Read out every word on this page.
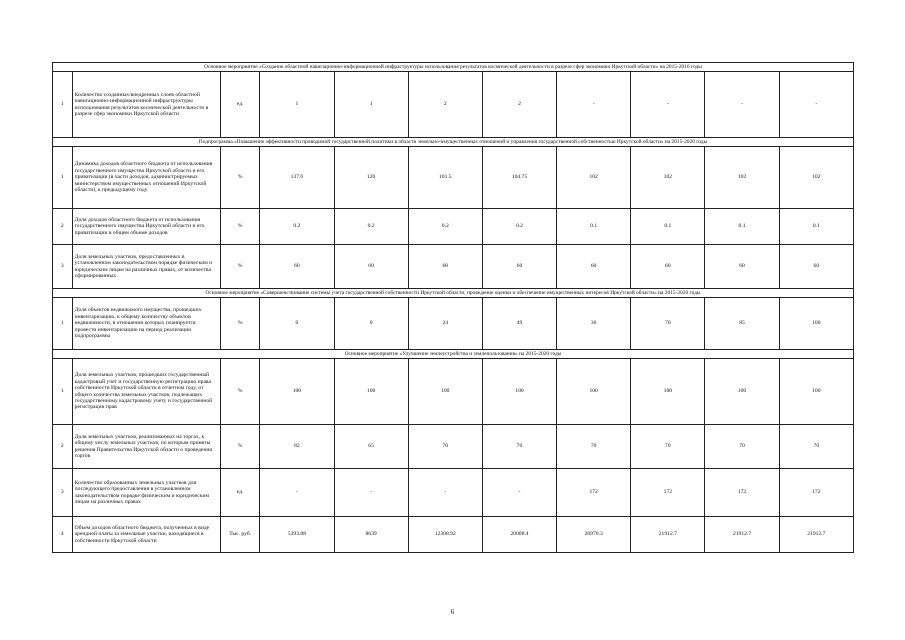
Основное мероприятие «Создание областной навигационно-информационной инфраструктуры использования результатов космической деятельности в разрезе сфер экономики Иркутской области» на 2015-2016 годы										
1	Количество созданных/внедренных слоев областной навигационно-информационной инфраструктуры использования результатов космической деятельности в разрезе сфер экономики Иркутской области	ед.	1	1	2	2	-	-	-	-
Подпрограмма «Повышение эффективности проводимой государственной политики в области земельно-имущественных отношений и управления государственной собственностью Иркутской области» на 2015-2020 годы										
1	Динамика доходов областного бюджета от использования государственного имущества Иркутской области и его приватизации (в части доходов, администрируемых министерством имущественных отношений Иркутской области), к предыдущему году	%	137.6	120	101.5	104.75	102	102	102	102
2	Доля доходов областного бюджета от использования государственного имущества Иркутской области и его приватизации в общем объеме доходов	%	0.2	0.2	0.2	0.2	0.1	0.1	0.1	0.1
3	Доля земельных участков, предоставленных в установленном законодательством порядке физическим и юридическим лицам на различных правах, от количества сформированных	%	60	60	60	60	60	60	60	60
Основное мероприятие «Совершенствование системы учета государственной собственности Иркутской области, проведение оценки и обеспечение имущественных интересов Иркутской области» на 2015-2020 годы										
1	Доля объектов недвижимого имущества, прошедших инвентаризацию, к общему количеству объектов недвижимости, в отношении которых планируется провести инвентаризацию на период реализации подпрограммы	%	0	0	24	49	36	70	85	100
Основное мероприятие «Улучшение землеустройства и землепользования» на 2015-2020 годы										
1	Доля земельных участков, прошедших государственный кадастровый учет и государственную регистрацию права собственности Иркутской области в отчетном году, от общего количества земельных участков, подлежащих государственному кадастровому учету и государственной регистрации прав	%	100	100	100	100	100	100	100	100
2	Доля земельных участков, реализованных на торгах, к общему числу земельных участков, по которым приняты решения Правительства Иркутской области о проведении торгов	%	82	65	70	70	70	70	70	70
3	Количество образованных земельных участков для последующего предоставления в установленном законодательством порядке физическим и юридическим лицам на различных правах	ед.	-	-	-	-	172	172	172	172
4	Объем доходов областного бюджета, полученных в виде арендной платы за земельные участки, находящиеся в собственности Иркутской области	Тыс. руб.	5393.88	8639	12308.92	20008.4	20970.3	21912.7	21912.7	21912.7
6
